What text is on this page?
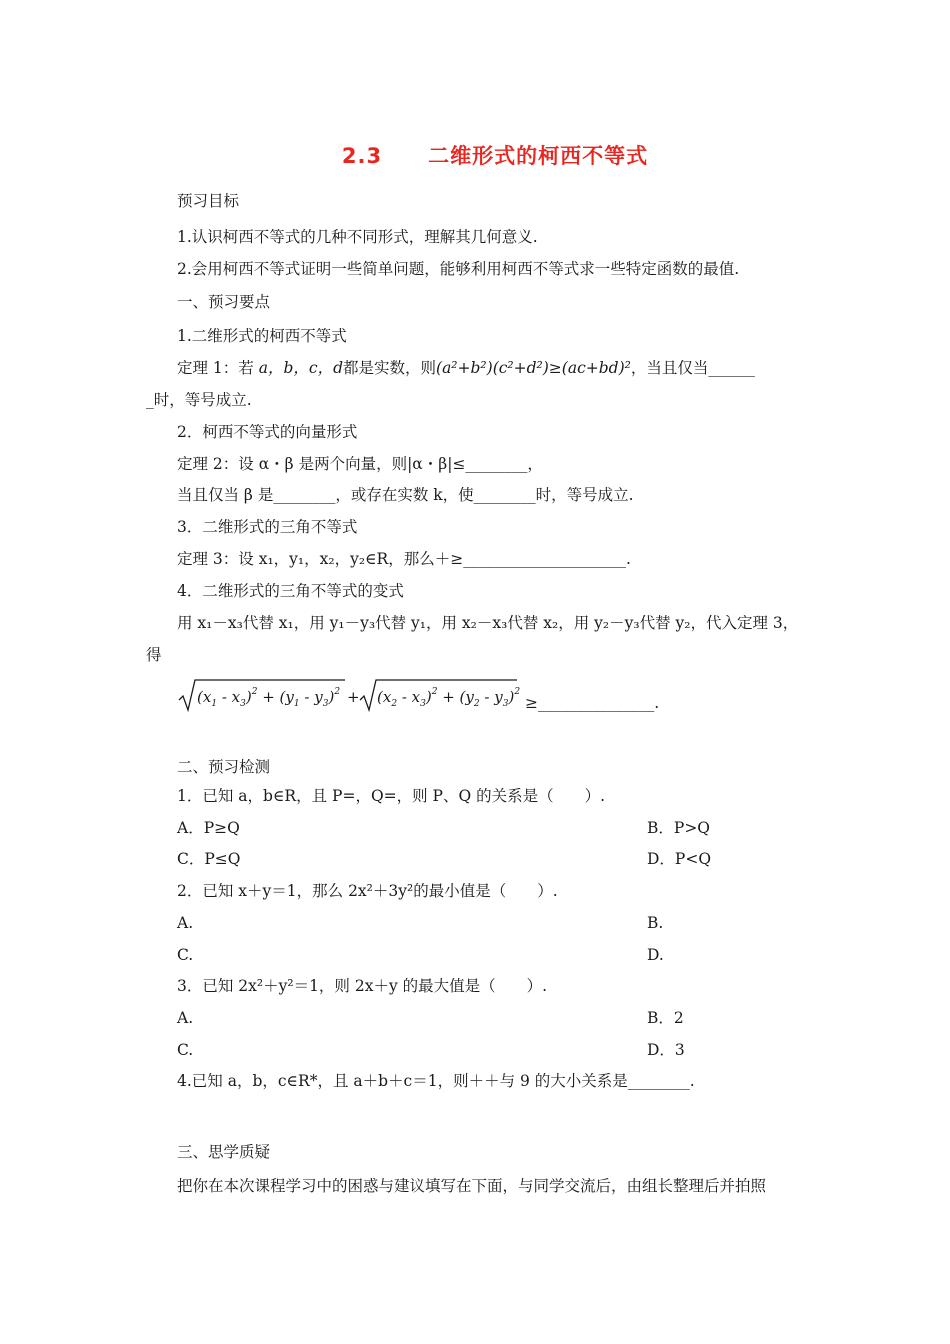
2.3 二维形式的柯西不等式
预习目标
1.认识柯西不等式的几种不同形式，理解其几何意义.
2.会用柯西不等式证明一些简单问题，能够利用柯西不等式求一些特定函数的最值.
一、预习要点
1.二维形式的柯西不等式
定理 1：若 a，b，c，d都是实数，则(a²+b²)(c²+d²)≥(ac+bd)²，当且仅当______
_时，等号成立.
2．柯西不等式的向量形式
定理 2：设 α・β 是两个向量，则|α・β|≤________，
当且仅当 β 是________，或存在实数 k，使________时，等号成立.
3．二维形式的三角不等式
定理 3：设 x₁，y₁，x₂，y₂∈R，那么＋≥_____________________.
4．二维形式的三角不等式的变式
用 x₁－x₃代替 x₁，用 y₁－y₃代替 y₁，用 x₂－x₃代替 x₂，用 y₂－y₃代替 y₂，代入定理 3，
得
$(x_1 - x_3)^2 + (y_1 - y_3)^2 + (x_2 - x_3)^2 + (y_2 - y_3)^2$
≥_______________.
二、预习检测
1．已知 a，b∈R，且 P=，Q=，则 P、Q 的关系是（　　）.
A．P≥Q	B．P>Q
C．P≤Q	D．P<Q
2．已知 x＋y＝1，那么 2x²＋3y²的最小值是（　　）.
A.	B.
C.	D.
3．已知 2x²＋y²＝1，则 2x＋y 的最大值是（　　）.
A.	B．2
C.	D．3
4.已知 a，b，c∈R*，且 a＋b＋c＝1，则＋＋与 9 的大小关系是________.
三、思学质疑
把你在本次课程学习中的困惑与建议填写在下面，与同学交流后，由组长整理后并拍照
